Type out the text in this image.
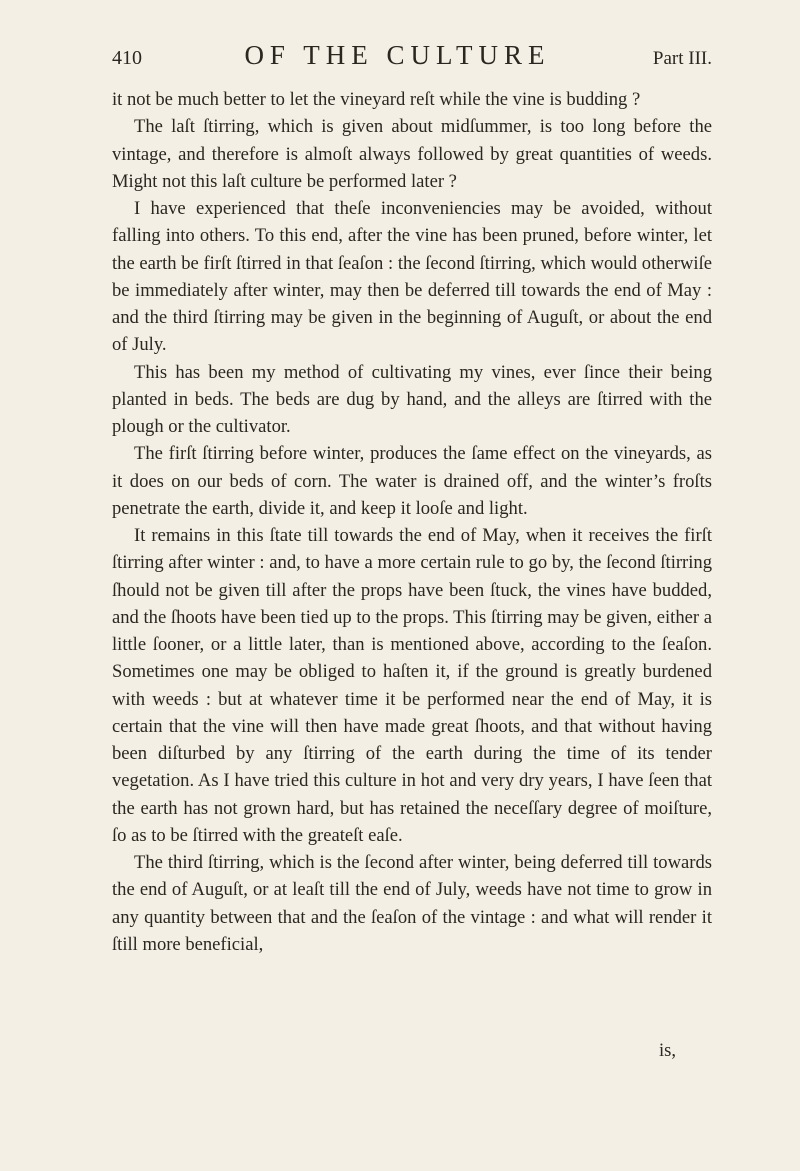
410	OF THE CULTURE	Part III.

it not be much better to let the vineyard reſt while the vine is budding ?

The laſt ſtirring, which is given about midſummer, is too long before the vintage, and therefore is almoſt always followed by great quantities of weeds. Might not this laſt culture be performed later ?

I have experienced that theſe inconveniencies may be avoided, without falling into others. To this end, after the vine has been pruned, before winter, let the earth be firſt ſtirred in that ſeaſon : the ſecond ſtirring, which would otherwiſe be immediately after winter, may then be deferred till towards the end of May : and the third ſtirring may be given in the beginning of Auguſt, or about the end of July.

This has been my method of cultivating my vines, ever ſince their being planted in beds. The beds are dug by hand, and the alleys are ſtirred with the plough or the cultivator.

The firſt ſtirring before winter, produces the ſame effect on the vineyards, as it does on our beds of corn. The water is drained off, and the winter’s froſts penetrate the earth, divide it, and keep it looſe and light.

It remains in this ſtate till towards the end of May, when it receives the firſt ſtirring after winter : and, to have a more certain rule to go by, the ſecond ſtirring ſhould not be given till after the props have been ſtuck, the vines have budded, and the ſhoots have been tied up to the props. This ſtirring may be given, either a little ſooner, or a little later, than is mentioned above, according to the ſeaſon. Sometimes one may be obliged to haſten it, if the ground is greatly burdened with weeds : but at whatever time it be performed near the end of May, it is certain that the vine will then have made great ſhoots, and that without having been diſturbed by any ſtirring of the earth during the time of its tender vegetation. As I have tried this culture in hot and very dry years, I have ſeen that the earth has not grown hard, but has retained the neceſſary degree of moiſture, ſo as to be ſtirred with the greateſt eaſe.

The third ſtirring, which is the ſecond after winter, being deferred till towards the end of Auguſt, or at leaſt till the end of July, weeds have not time to grow in any quantity between that and the ſeaſon of the vintage : and what will render it ſtill more beneficial,

is,
